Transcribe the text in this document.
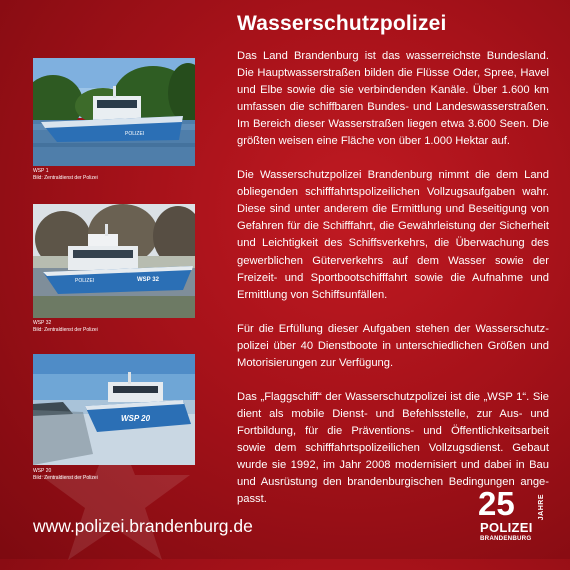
POLIZEI
WSP 1
Bild: Zentraldienst der Polizei
POLIZEI	WSP 32
WSP 32
Bild: Zentraldienst der Polizei
WSP 20
WSP 20
Bild: Zentraldienst der Polizei
Wasserschutzpolizei

Das Land Brandenburg ist das wasserreichste Bundesland. Die Hauptwasserstraßen bilden die Flüsse Oder, Spree, Havel und Elbe sowie die sie verbindenden Kanäle. Über 1.600 km umfassen die schiffbaren Bundes- und Landeswasserstraßen. Im Bereich dieser Wasserstraßen liegen etwa 3.600 Seen. Die größten weisen eine Fläche von über 1.000 Hektar auf.

Die Wasserschutzpolizei Brandenburg nimmt die dem Land obliegenden schifffahrtspolizeilichen Vollzugsaufgaben wahr. Diese sind unter anderem die Ermittlung und Beseitigung von Gefahren für die Schifffahrt, die Gewährleistung der Sicherheit und Leichtigkeit des Schiffsverkehrs, die Überwachung des gewerblichen Güterverkehrs auf dem Wasser sowie der Freizeit- und Sportbootschifffahrt sowie die Aufnahme und Ermittlung von Schiffsunfällen.

Für die Erfüllung dieser Aufgaben stehen der Wasserschutzpolizei über 40 Dienstboote in unterschiedlichen Größen und Motorisierungen zur Verfügung.

Das „Flaggschiff“ der Wasserschutzpolizei ist die „WSP 1“. Sie dient als mobile Dienst- und Befehlsstelle, zur Aus- und Fortbildung, für die Präventions- und Öffentlichkeitsarbeit sowie dem schifffahrtspolizeilichen Vollzugsdienst. Gebaut wurde sie 1992, im Jahr 2008 modernisiert und dabei in Bau und Ausrüstung den brandenburgischen Bedingungen angepasst.

www.polizei.brandenburg.de
25	JAHRE
POLIZEI
BRANDENBURG
